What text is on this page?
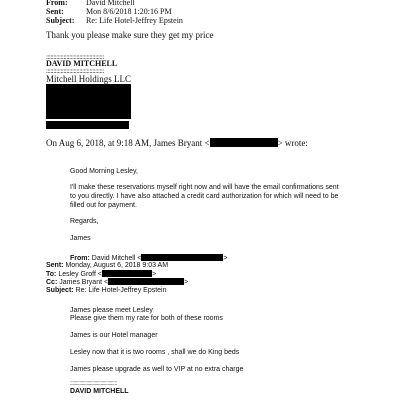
From: David Mitchell
Sent:	Mon 8/6/2018 1:20:16 PM
Subject: Re: Life Hotel-Jeffrey Epstein
Thank you please make sure they get my price
::::::::::::::::::::::::::::::::::::::::
DAVID MITCHELL
::::::::::::::::::::::::::::::::::::::::
Mitchell Holdings LLC
On Aug 6, 2018, at 9:18 AM, James Bryant <	> wrote:
Good Morning Lesley,
I'll make these reservations myself right now and will have the email confirmations sent
to you directly. I have also attached a credit card authorization for which will need to be
filled out for payment.
Regards,
James
From: David Mitchell <	>
Sent: Monday, August 6, 2018 9:03 AM
To: Lesley Groff <	>
Cc: James Bryant <	>
Subject: Re: Life Hotel-Jeffrey Epstein
James please meet Lesley
Please give them my rate for both of these rooms
James is our Hotel manager
Lesley now that it is two rooms , shall we do King beds
James please upgrade as well to VIP at no extra charge
::::::::::::::::::::::::::::::::::::::::
DAVID MITCHELL
